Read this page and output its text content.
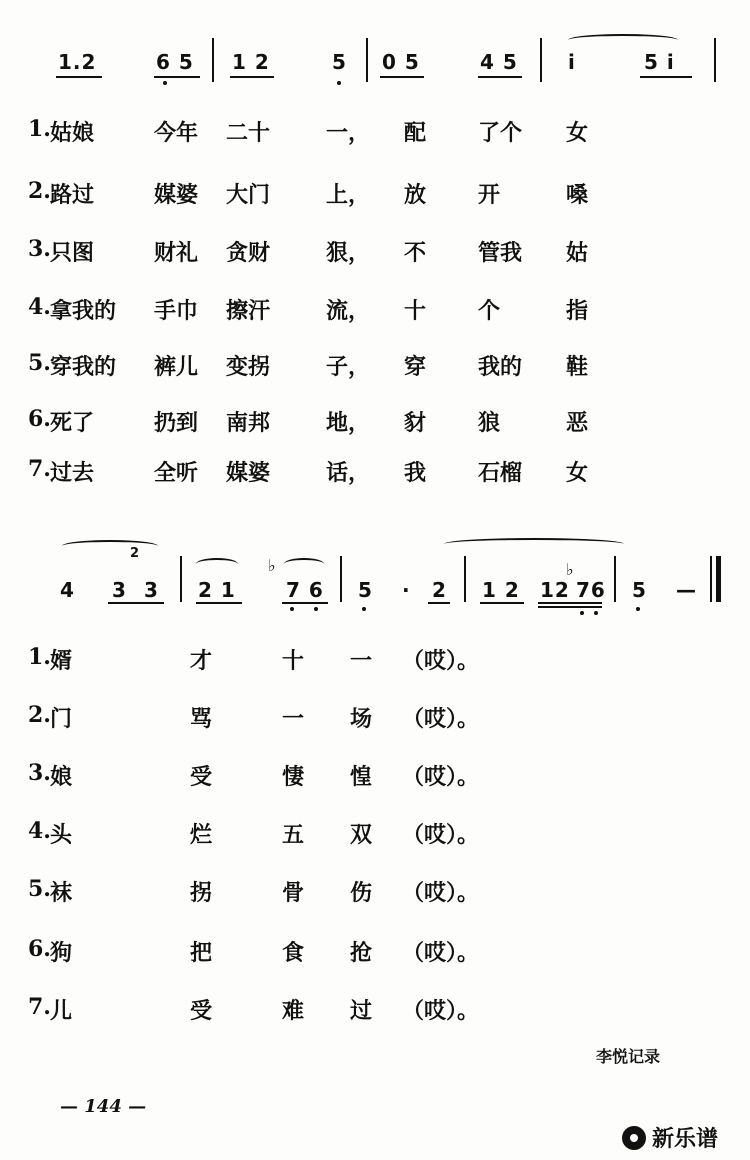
1.2	6 5 1 2	5 0 5	4 5	i	5 i
1. 姑娘	今年 二十	一， 配 了个 女
2. 路过	媒婆 大门	上， 放 开	嗓
3. 只图	财礼 贪财	狠， 不 管我 姑
4. 拿我的 手巾 擦汗	流， 十 个	指
5. 穿我的 裤儿 变拐	子， 穿 我的 鞋
6. 死了	扔到 南邦	地， 豺 狼	恶
7. 过去	全听 媒婆	话， 我 石榴 女
4 3
2
3 2 1
♭
7 6 5 · 2 1 2 12
♭
76 5 —
1. 婿	才	十 一 （哎）。
2. 门	骂	一 场 （哎）。
3. 娘	受	悽 惶 （哎）。
4. 头	烂	五 双 （哎）。
5. 袜	拐	骨 伤 （哎）。
6. 狗	把	食 抢 （哎）。
7. 儿	受	难 过 （哎）。
李悦记录
— 144 —
新乐谱
